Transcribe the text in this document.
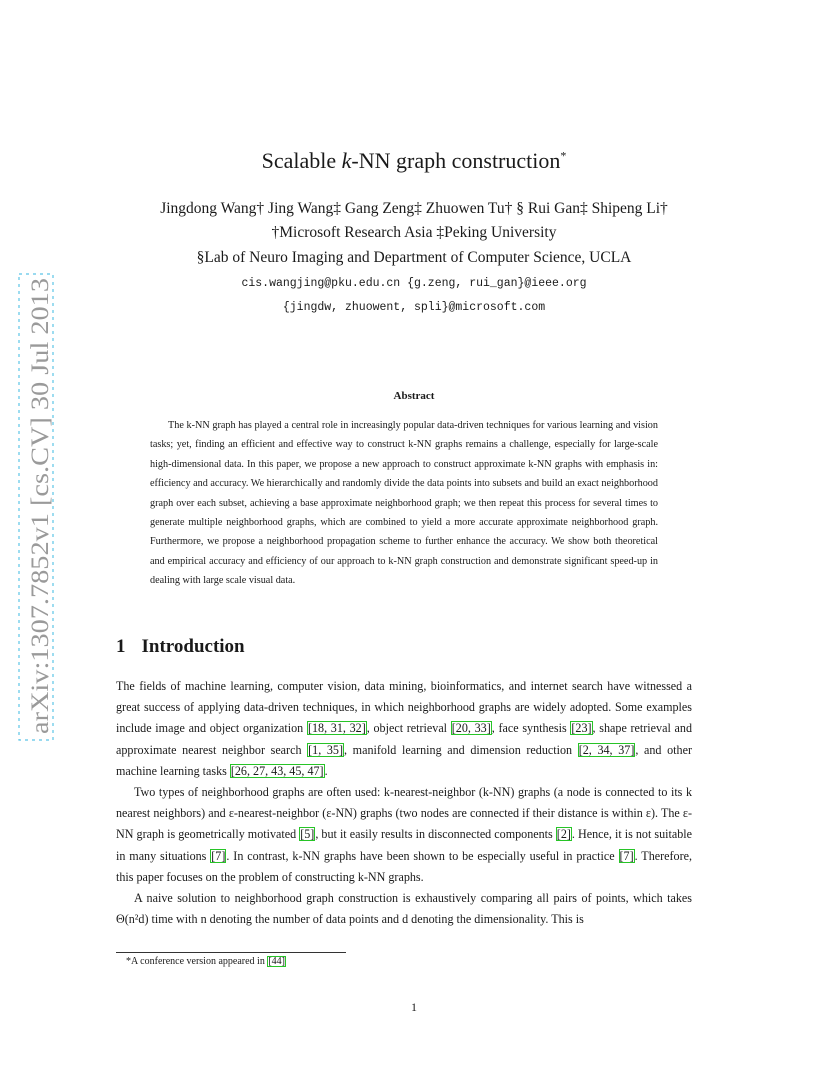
arXiv:1307.7852v1 [cs.CV] 30 Jul 2013
Scalable k-NN graph construction*
Jingdong Wang† Jing Wang‡ Gang Zeng‡ Zhuowen Tu† § Rui Gan‡ Shipeng Li†
†Microsoft Research Asia ‡Peking University
§Lab of Neuro Imaging and Department of Computer Science, UCLA
cis.wangjing@pku.edu.cn {g.zeng, rui_gan}@ieee.org
{jingdw, zhuowent, spli}@microsoft.com
Abstract

The k-NN graph has played a central role in increasingly popular data-driven techniques for various learning and vision tasks; yet, finding an efficient and effective way to construct k-NN graphs remains a challenge, especially for large-scale high-dimensional data. In this paper, we propose a new approach to construct approximate k-NN graphs with emphasis in: efficiency and accuracy. We hierarchically and randomly divide the data points into subsets and build an exact neighborhood graph over each subset, achieving a base approximate neighborhood graph; we then repeat this process for several times to generate multiple neighborhood graphs, which are combined to yield a more accurate approximate neighborhood graph. Furthermore, we propose a neighborhood propagation scheme to further enhance the accuracy. We show both theoretical and empirical accuracy and efficiency of our approach to k-NN graph construction and demonstrate significant speed-up in dealing with large scale visual data.

1 Introduction

The fields of machine learning, computer vision, data mining, bioinformatics, and internet search have witnessed a great success of applying data-driven techniques, in which neighborhood graphs are widely adopted. Some examples include image and object organization [18, 31, 32], object retrieval [20, 33], face synthesis [23], shape retrieval and approximate nearest neighbor search [1, 35], manifold learning and dimension reduction [2, 34, 37], and other machine learning tasks [26, 27, 43, 45, 47].

Two types of neighborhood graphs are often used: k-nearest-neighbor (k-NN) graphs (a node is connected to its k nearest neighbors) and ε-nearest-neighbor (ε-NN) graphs (two nodes are connected if their distance is within ε). The ε-NN graph is geometrically motivated [5], but it easily results in disconnected components [2]. Hence, it is not suitable in many situations [7]. In contrast, k-NN graphs have been shown to be especially useful in practice [7]. Therefore, this paper focuses on the problem of constructing k-NN graphs.

A naive solution to neighborhood graph construction is exhaustively comparing all pairs of points, which takes Θ(n²d) time with n denoting the number of data points and d denoting the dimensionality. This is

*A conference version appeared in [44]
1
